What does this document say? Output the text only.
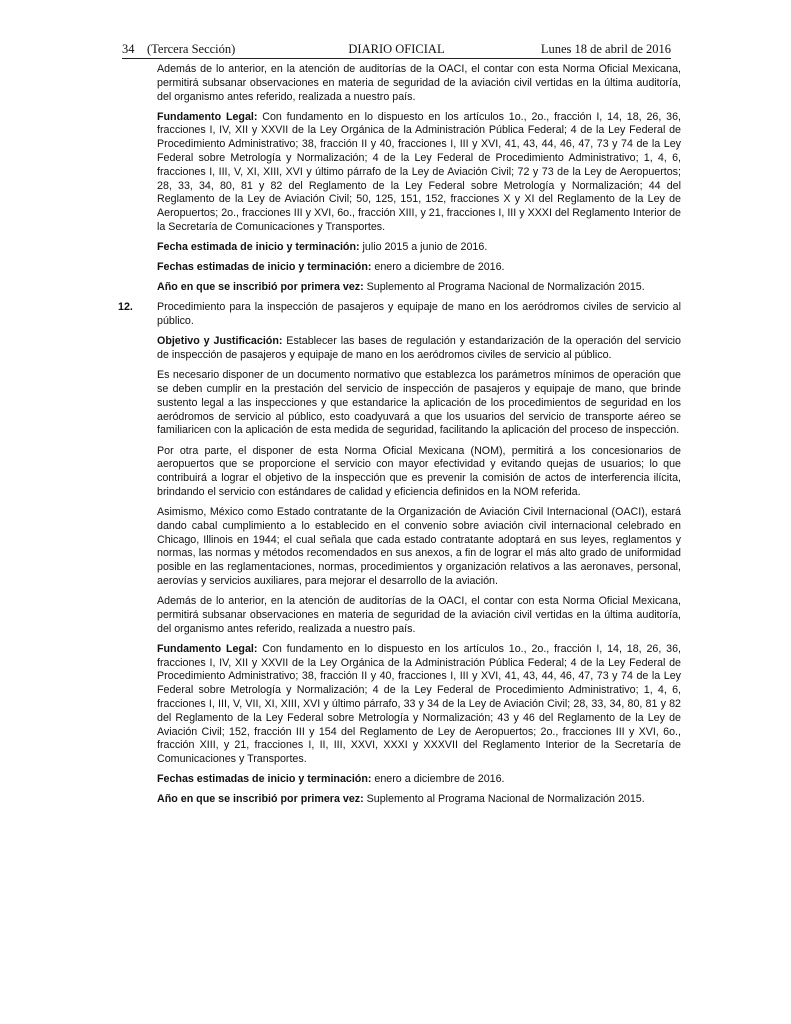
34 (Tercera Sección)	DIARIO OFICIAL	Lunes 18 de abril de 2016

Además de lo anterior, en la atención de auditorías de la OACI, el contar con esta Norma Oficial Mexicana, permitirá subsanar observaciones en materia de seguridad de la aviación civil vertidas en la última auditoría, del organismo antes referido, realizada a nuestro país.

Fundamento Legal: Con fundamento en lo dispuesto en los artículos 1o., 2o., fracción I, 14, 18, 26, 36, fracciones I, IV, XII y XXVII de la Ley Orgánica de la Administración Pública Federal; 4 de la Ley Federal de Procedimiento Administrativo; 38, fracción II y 40, fracciones I, III y XVI, 41, 43, 44, 46, 47, 73 y 74 de la Ley Federal sobre Metrología y Normalización; 4 de la Ley Federal de Procedimiento Administrativo; 1, 4, 6, fracciones I, III, V, XI, XIII, XVI y último párrafo de la Ley de Aviación Civil; 72 y 73 de la Ley de Aeropuertos; 28, 33, 34, 80, 81 y 82 del Reglamento de la Ley Federal sobre Metrología y Normalización; 44 del Reglamento de la Ley de Aviación Civil; 50, 125, 151, 152, fracciones X y XI del Reglamento de la Ley de Aeropuertos; 2o., fracciones III y XVI, 6o., fracción XIII, y 21, fracciones I, III y XXXI del Reglamento Interior de la Secretaría de Comunicaciones y Transportes.

Fecha estimada de inicio y terminación: julio 2015 a junio de 2016.

Fechas estimadas de inicio y terminación: enero a diciembre de 2016.

Año en que se inscribió por primera vez: Suplemento al Programa Nacional de Normalización 2015.

12. Procedimiento para la inspección de pasajeros y equipaje de mano en los aeródromos civiles de servicio al público.

Objetivo y Justificación: Establecer las bases de regulación y estandarización de la operación del servicio de inspección de pasajeros y equipaje de mano en los aeródromos civiles de servicio al público.

Es necesario disponer de un documento normativo que establezca los parámetros mínimos de operación que se deben cumplir en la prestación del servicio de inspección de pasajeros y equipaje de mano, que brinde sustento legal a las inspecciones y que estandarice la aplicación de los procedimientos de seguridad en los aeródromos de servicio al público, esto coadyuvará a que los usuarios del servicio de transporte aéreo se familiaricen con la aplicación de esta medida de seguridad, facilitando la aplicación del proceso de inspección.

Por otra parte, el disponer de esta Norma Oficial Mexicana (NOM), permitirá a los concesionarios de aeropuertos que se proporcione el servicio con mayor efectividad y evitando quejas de usuarios; lo que contribuirá a lograr el objetivo de la inspección que es prevenir la comisión de actos de interferencia ilícita, brindando el servicio con estándares de calidad y eficiencia definidos en la NOM referida.

Asimismo, México como Estado contratante de la Organización de Aviación Civil Internacional (OACI), estará dando cabal cumplimiento a lo establecido en el convenio sobre aviación civil internacional celebrado en Chicago, Illinois en 1944; el cual señala que cada estado contratante adoptará en sus leyes, reglamentos y normas, las normas y métodos recomendados en sus anexos, a fin de lograr el más alto grado de uniformidad posible en las reglamentaciones, normas, procedimientos y organización relativos a las aeronaves, personal, aerovías y servicios auxiliares, para mejorar el desarrollo de la aviación.

Además de lo anterior, en la atención de auditorías de la OACI, el contar con esta Norma Oficial Mexicana, permitirá subsanar observaciones en materia de seguridad de la aviación civil vertidas en la última auditoría, del organismo antes referido, realizada a nuestro país.

Fundamento Legal: Con fundamento en lo dispuesto en los artículos 1o., 2o., fracción I, 14, 18, 26, 36, fracciones I, IV, XII y XXVII de la Ley Orgánica de la Administración Pública Federal; 4 de la Ley Federal de Procedimiento Administrativo; 38, fracción II y 40, fracciones I, III y XVI, 41, 43, 44, 46, 47, 73 y 74 de la Ley Federal sobre Metrología y Normalización; 4 de la Ley Federal de Procedimiento Administrativo; 1, 4, 6, fracciones I, III, V, VII, XI, XIII, XVI y último párrafo, 33 y 34 de la Ley de Aviación Civil; 28, 33, 34, 80, 81 y 82 del Reglamento de la Ley Federal sobre Metrología y Normalización; 43 y 46 del Reglamento de la Ley de Aviación Civil; 152, fracción III y 154 del Reglamento de Ley de Aeropuertos; 2o., fracciones III y XVI, 6o., fracción XIII, y 21, fracciones I, II, III, XXVI, XXXI y XXXVII del Reglamento Interior de la Secretaría de Comunicaciones y Transportes.

Fechas estimadas de inicio y terminación: enero a diciembre de 2016.

Año en que se inscribió por primera vez: Suplemento al Programa Nacional de Normalización 2015.
